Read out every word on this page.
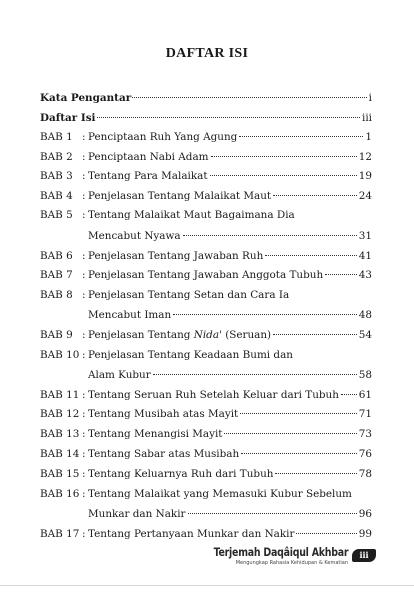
DAFTAR ISI
Kata Pengantar	i
Daftar Isi	iii
BAB 1 : Penciptaan Ruh Yang Agung	1
BAB 2 : Penciptaan Nabi Adam	12
BAB 3 : Tentang Para Malaikat	19
BAB 4 : Penjelasan Tentang Malaikat Maut	24
BAB 5 : Tentang Malaikat Maut Bagaimana Dia
Mencabut Nyawa	31
BAB 6 : Penjelasan Tentang Jawaban Ruh	41
BAB 7 : Penjelasan Tentang Jawaban Anggota Tubuh	43
BAB 8 : Penjelasan Tentang Setan dan Cara Ia
Mencabut Iman	48
BAB 9 : Penjelasan Tentang Nida' (Seruan)	54
BAB 10 : Penjelasan Tentang Keadaan Bumi dan
Alam Kubur	58
BAB 11 : Tentang Seruan Ruh Setelah Keluar dari Tubuh 61
BAB 12 : Tentang Musibah atas Mayit	71
BAB 13 : Tentang Menangisi Mayit	73
BAB 14 : Tentang Sabar atas Musibah	76
BAB 15 : Tentang Keluarnya Ruh dari Tubuh	78
BAB 16 : Tentang Malaikat yang Memasuki Kubur Sebelum
Munkar dan Nakir	96
BAB 17 : Tentang Pertanyaan Munkar dan Nakir	99
Terjemah Daqâiqul Akhbar
Mengungkap Rahasia Kehidupan & Kematian
iii
